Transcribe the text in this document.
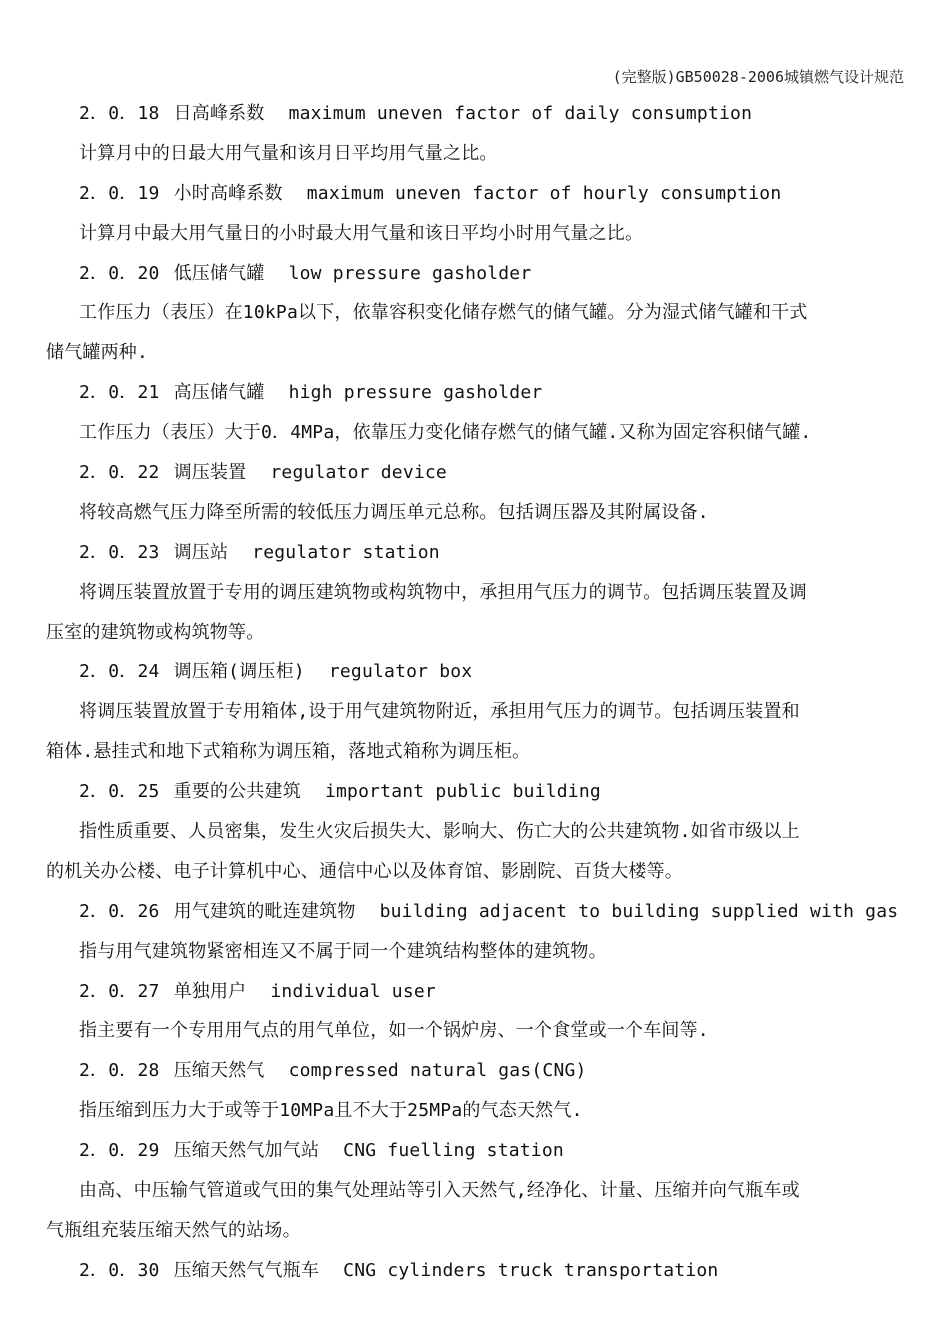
(完整版)GB50028-2006城镇燃气设计规范
2．0．18 日高峰系数 maximum uneven factor of daily consumption
计算月中的日最大用气量和该月日平均用气量之比。
2．0．19 小时高峰系数 maximum uneven factor of hourly consumption
计算月中最大用气量日的小时最大用气量和该日平均小时用气量之比。
2．0．20 低压储气罐 low pressure gasholder
工作压力（表压）在10kPa以下，依靠容积变化储存燃气的储气罐。分为湿式储气罐和干式
储气罐两种.
2．0．21 高压储气罐 high pressure gasholder
工作压力（表压）大于0．4MPa，依靠压力变化储存燃气的储气罐.又称为固定容积储气罐.
2．0．22 调压装置 regulator device
将较高燃气压力降至所需的较低压力调压单元总称。包括调压器及其附属设备.
2．0．23 调压站 regulator station
将调压装置放置于专用的调压建筑物或构筑物中，承担用气压力的调节。包括调压装置及调
压室的建筑物或构筑物等。
2．0．24 调压箱(调压柜) regulator box
将调压装置放置于专用箱体,设于用气建筑物附近，承担用气压力的调节。包括调压装置和
箱体.悬挂式和地下式箱称为调压箱，落地式箱称为调压柜。
2．0．25 重要的公共建筑 important public building
指性质重要、人员密集，发生火灾后损失大、影响大、伤亡大的公共建筑物.如省市级以上
的机关办公楼、电子计算机中心、通信中心以及体育馆、影剧院、百货大楼等。
2．0．26 用气建筑的毗连建筑物 building adjacent to building supplied with gas
指与用气建筑物紧密相连又不属于同一个建筑结构整体的建筑物。
2．0．27 单独用户 individual user
指主要有一个专用用气点的用气单位，如一个锅炉房、一个食堂或一个车间等.
2．0．28 压缩天然气 compressed natural gas(CNG)
指压缩到压力大于或等于10MPa且不大于25MPa的气态天然气.
2．0．29 压缩天然气加气站 CNG fuelling station
由高、中压输气管道或气田的集气处理站等引入天然气,经净化、计量、压缩并向气瓶车或
气瓶组充装压缩天然气的站场。
2．0．30 压缩天然气气瓶车 CNG cylinders truck transportation
